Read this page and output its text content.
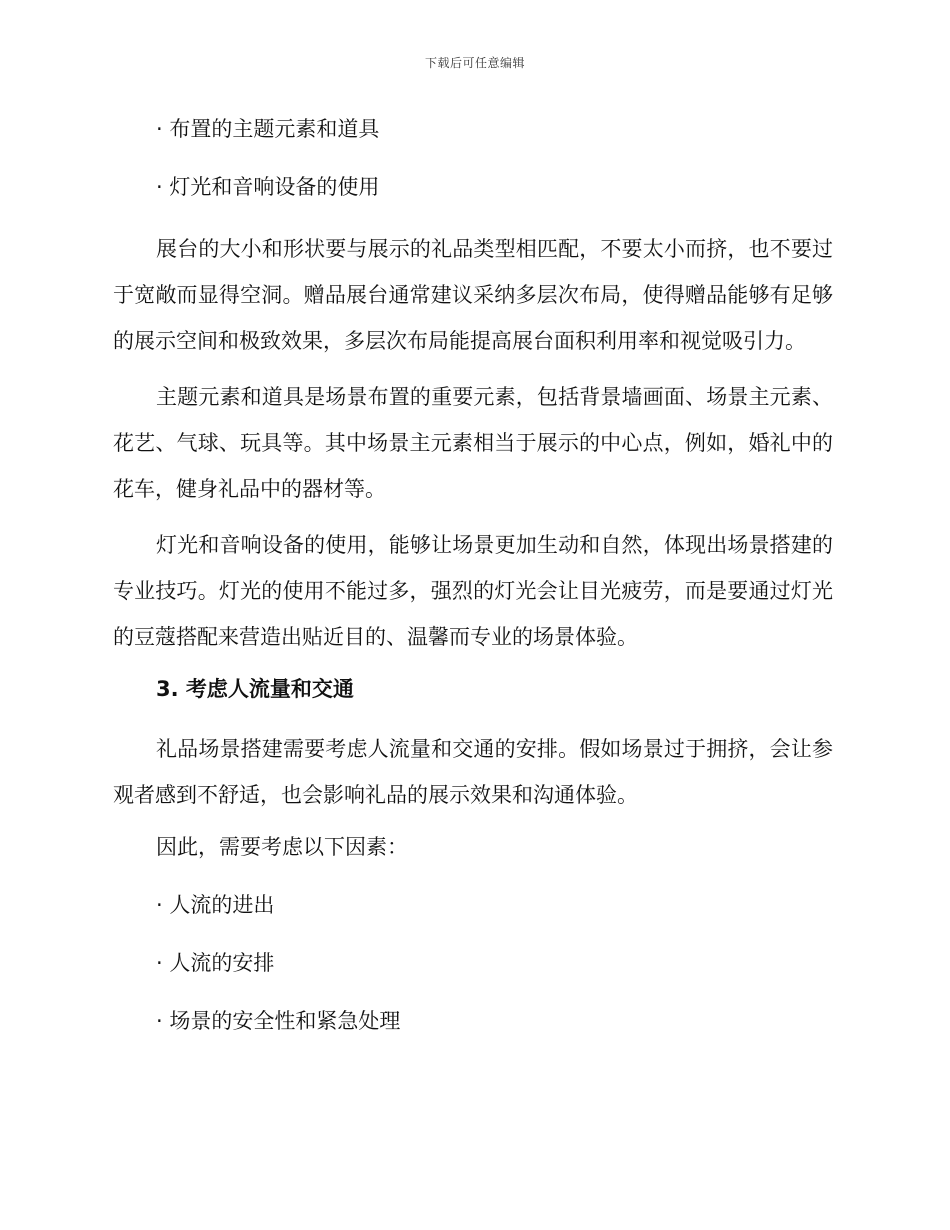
下载后可任意编辑
· 布置的主题元素和道具
· 灯光和音响设备的使用

展台的大小和形状要与展示的礼品类型相匹配，不要太小而挤，也不要过于宽敞而显得空洞。赠品展台通常建议采纳多层次布局，使得赠品能够有足够的展示空间和极致效果，多层次布局能提高展台面积利用率和视觉吸引力。

主题元素和道具是场景布置的重要元素，包括背景墙画面、场景主元素、花艺、气球、玩具等。其中场景主元素相当于展示的中心点，例如，婚礼中的花车，健身礼品中的器材等。

灯光和音响设备的使用，能够让场景更加生动和自然，体现出场景搭建的专业技巧。灯光的使用不能过多，强烈的灯光会让目光疲劳，而是要通过灯光的豆蔻搭配来营造出贴近目的、温馨而专业的场景体验。

3. 考虑人流量和交通

礼品场景搭建需要考虑人流量和交通的安排。假如场景过于拥挤，会让参观者感到不舒适，也会影响礼品的展示效果和沟通体验。

因此，需要考虑以下因素：
· 人流的进出
· 人流的安排
· 场景的安全性和紧急处理
